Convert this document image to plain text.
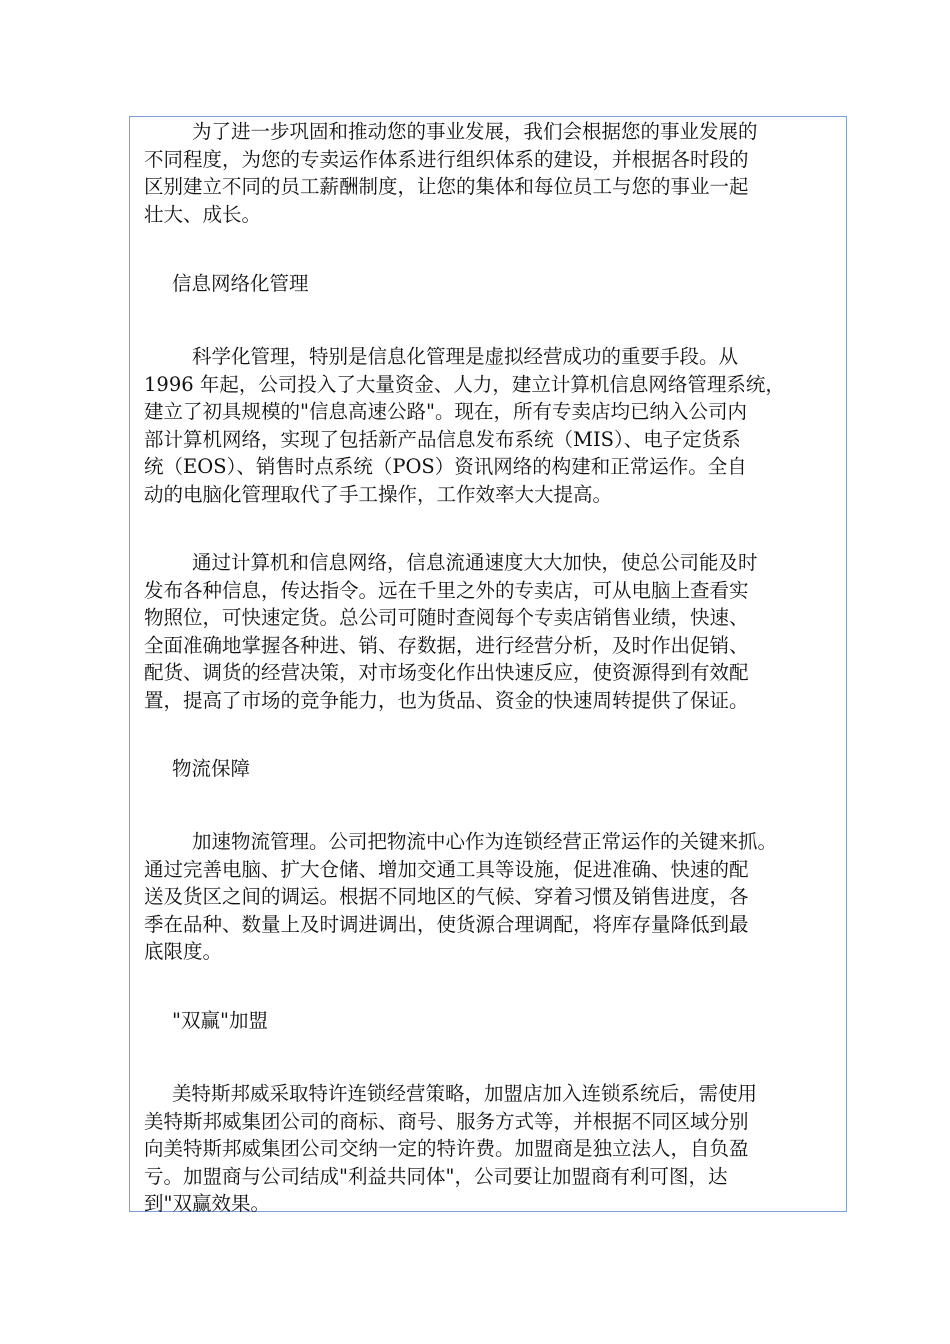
为了进一步巩固和推动您的事业发展，我们会根据您的事业发展的
不同程度，为您的专卖运作体系进行组织体系的建设，并根据各时段的
区别建立不同的员工薪酬制度，让您的集体和每位员工与您的事业一起
壮大、成长。
信息网络化管理
科学化管理，特别是信息化管理是虚拟经营成功的重要手段。从
1996 年起，公司投入了大量资金、人力，建立计算机信息网络管理系统，
建立了初具规模的"信息高速公路"。现在，所有专卖店均已纳入公司内
部计算机网络，实现了包括新产品信息发布系统（MIS）、电子定货系
统（EOS）、销售时点系统（POS）资讯网络的构建和正常运作。全自
动的电脑化管理取代了手工操作，工作效率大大提高。
通过计算机和信息网络，信息流通速度大大加快，使总公司能及时
发布各种信息，传达指令。远在千里之外的专卖店，可从电脑上查看实
物照位，可快速定货。总公司可随时查阅每个专卖店销售业绩，快速、
全面准确地掌握各种进、销、存数据，进行经营分析，及时作出促销、
配货、调货的经营决策，对市场变化作出快速反应，使资源得到有效配
置，提高了市场的竞争能力，也为货品、资金的快速周转提供了保证。
物流保障
加速物流管理。公司把物流中心作为连锁经营正常运作的关键来抓。
通过完善电脑、扩大仓储、增加交通工具等设施，促进准确、快速的配
送及货区之间的调运。根据不同地区的气候、穿着习惯及销售进度，各
季在品种、数量上及时调进调出，使货源合理调配，将库存量降低到最
底限度。
"双赢"加盟
美特斯邦威采取特许连锁经营策略，加盟店加入连锁系统后，需使用
美特斯邦威集团公司的商标、商号、服务方式等，并根据不同区域分别
向美特斯邦威集团公司交纳一定的特许费。加盟商是独立法人，自负盈
亏。加盟商与公司结成"利益共同体"，公司要让加盟商有利可图，达
到"双赢效果。
